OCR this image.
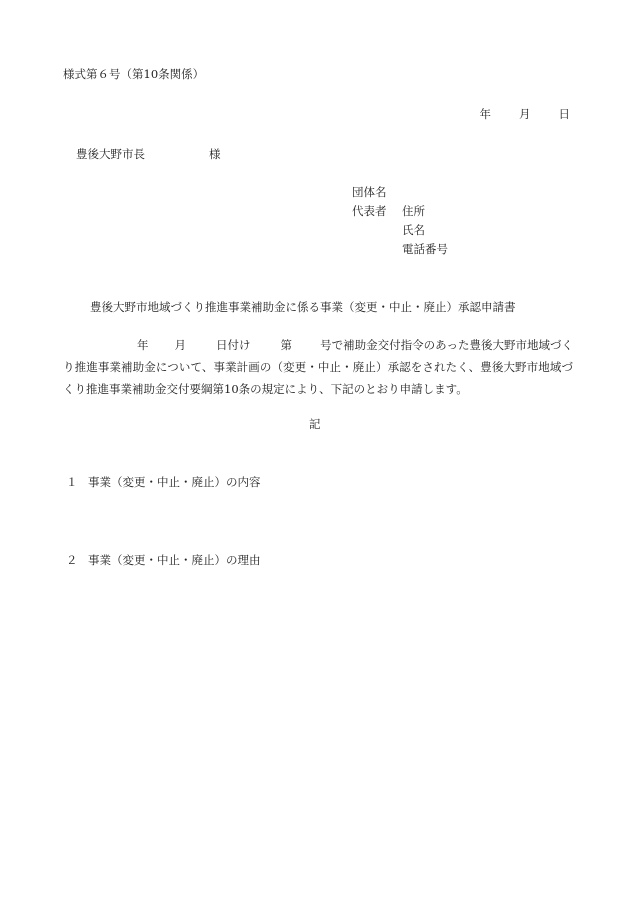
様式第６号（第10条関係）
年 月 日
豊後大野市長	様
団体名
代表者 住所
氏名
電話番号
豊後大野市地域づくり推進事業補助金に係る事業（変更・中止・廃止）承認申請書
年 月	日付け	第 号で補助金交付指令のあった豊後大野市地域づくり推進事業補助金について、事業計画の（変更・中止・廃止）承認をされたく、豊後大野市地域づくり推進事業補助金交付要綱第10条の規定により、下記のとおり申請します。
記
１ 事業（変更・中止・廃止）の内容
２ 事業（変更・中止・廃止）の理由
